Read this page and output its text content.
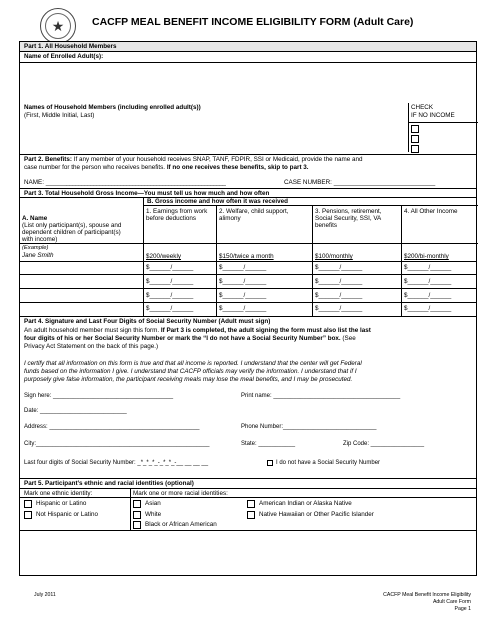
★	CACFP MEAL BENEFIT INCOME ELIGIBILITY FORM (Adult Care)
Part 1. All Household Members
Name of Enrolled Adult(s):
Names of Household Members (including enrolled adult(s))
(First, Middle Initial, Last)
CHECK
IF NO INCOME
Part 2. Benefits: If any member of your household receives SNAP, TANF, FDPIR, SSI or Medicaid, provide the name and
case number for the person who receives benefits. If no one receives these benefits, skip to part 3.
NAME: ___________________________________________________________	CASE NUMBER: _____________________________
Part 3. Total Household Gross Income—You must tell us how much and how often
B. Gross income and how often it was received
A. Name
(List only participant(s), spouse and
dependent children of participant(s)
with income)
(Example)
Jane Smith
1. Earnings from work
before deductions
2. Welfare, child support,
alimony
3. Pensions, retirement,
Social Security, SSI, VA
benefits
4. All Other Income
$200/weekly	$150/twice a month	$100/monthly	$200/bi-monthly
$______/______	$______/______	$______/______	$______/______
$______/______	$______/______	$______/______	$______/______
$______/______	$______/______	$______/______	$______/______
$______/______	$______/______	$______/______	$______/______
Part 4. Signature and Last Four Digits of Social Security Number (Adult must sign)
An adult household member must sign this form. If Part 3 is completed, the adult signing the form must also list the last
four digits of his or her Social Security Number or mark the “I do not have a Social Security Number” box. (See
Privacy Act Statement on the back of this page.)
I certify that all information on this form is true and that all income is reported. I understand that the center will get Federal
funds based on the information I give. I understand that CACFP officials may verify the information. I understand that if I
purposely give false information, the participant receiving meals may lose the meal benefits, and I may be prosecuted.
Sign here: ____________________________________	Print name: ______________________________________
Date: __________________________
Address: _____________________________________________	Phone Number:____________________________
City:____________________________________________________	State: ___________	Zip Code: ________________
Last four digits of Social Security Number: _*_*_*_-_*_*_-__ __ __ __	I do not have a Social Security Number
Part 5. Participant’s ethnic and racial identities (optional)
Mark one ethnic identity:	Mark one or more racial identities:
Hispanic or Latino
Not Hispanic or Latino
Asian
White
Black or African American
American Indian or Alaska Native
Native Hawaiian or Other Pacific Islander
July 2011	CACFP Meal Benefit Income Eligibility
Adult Care Form
Page 1
